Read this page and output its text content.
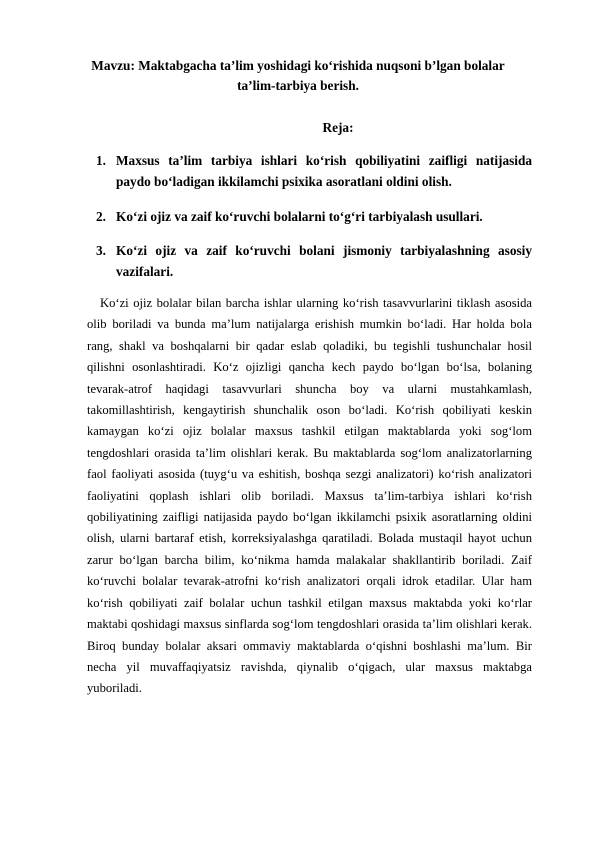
Mavzu: Maktabgacha ta’lim yoshidagi ko‘rishida nuqsoni b’lgan bolalar
ta’lim-tarbiya berish.
Reja:
1. Maxsus ta’lim tarbiya ishlari ko‘rish qobiliyatini zaifligi natijasida paydo bo‘ladigan ikkilamchi psixika asoratlani oldini olish.
2. Ko‘zi ojiz va zaif ko‘ruvchi bolalarni to‘g‘ri tarbiyalash usullari.
3. Ko‘zi ojiz va zaif ko‘ruvchi bolani jismoniy tarbiyalashning asosiy vazifalari.

Ko‘zi ojiz bolalar bilan barcha ishlar ularning ko‘rish tasavvurlarini tiklash asosida olib boriladi va bunda ma’lum natijalarga erishish mumkin bo‘ladi. Har holda bola rang, shakl va boshqalarni bir qadar eslab qoladiki, bu tegishli tushunchalar hosil qilishni osonlashtiradi. Ko‘z ojizligi qancha kech paydo bo‘lgan bo‘lsa, bolaning tevarak-atrof haqidagi tasavvurlari shuncha boy va ularni mustahkamlash, takomillashtirish, kengaytirish shunchalik oson bo‘ladi. Ko‘rish qobiliyati keskin kamaygan ko‘zi ojiz bolalar maxsus tashkil etilgan maktablarda yoki sog‘lom tengdoshlari orasida ta’lim olishlari kerak. Bu maktablarda sog‘lom analizatorlarning faol faoliyati asosida (tuyg‘u va eshitish, boshqa sezgi analizatori) ko‘rish analizatori faoliyatini qoplash ishlari olib boriladi. Maxsus ta’lim-tarbiya ishlari ko‘rish qobiliyatining zaifligi natijasida paydo bo‘lgan ikkilamchi psixik asoratlarning oldini olish, ularni bartaraf etish, korreksiyalashga qaratiladi. Bolada mustaqil hayot uchun zarur bo‘lgan barcha bilim, ko‘nikma hamda malakalar shakllantirib boriladi. Zaif ko‘ruvchi bolalar tevarak-atrofni ko‘rish analizatori orqali idrok etadilar. Ular ham ko‘rish qobiliyati zaif bolalar uchun tashkil etilgan maxsus maktabda yoki ko‘rlar maktabi qoshidagi maxsus sinflarda sog‘lom tengdoshlari orasida ta’lim olishlari kerak. Biroq bunday bolalar aksari ommaviy maktablarda o‘qishni boshlashi ma’lum. Bir necha yil muvaffaqiyatsiz ravishda, qiynalib o‘qigach, ular maxsus maktabga yuboriladi.
